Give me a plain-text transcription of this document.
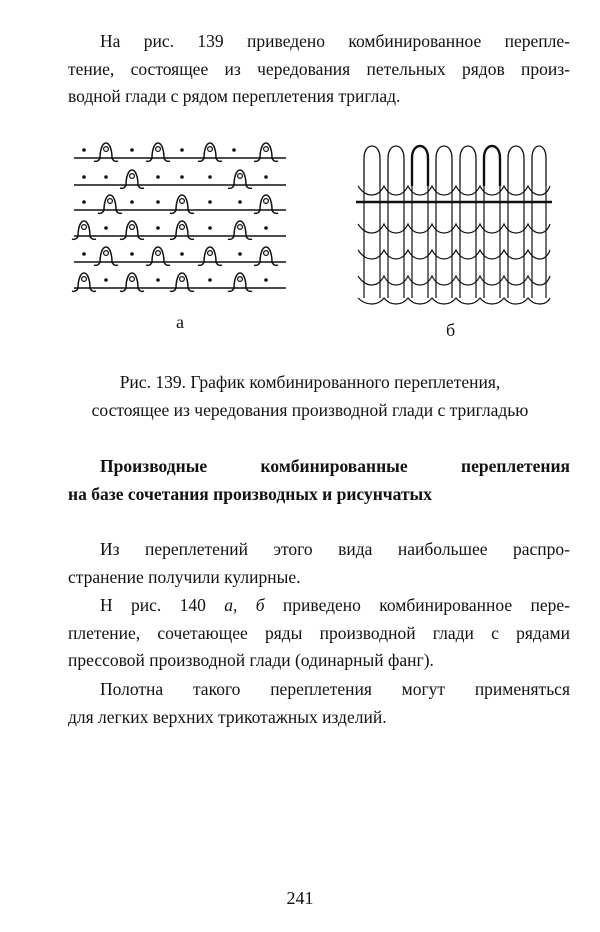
На рис. 139 приведено комбинированное перепле-
тение, состоящее из чередования петельных рядов произ-
водной глади с рядом переплетения триглад.
а	б
Рис. 139. График комбинированного переплетения,
состоящее из чередования производной глади с триглaдью
Производные комбинированные переплетения
на базе сочетания производных и рисунчатых
Из переплетений этого вида наибольшее распро-
странение получили кулирные.
Н рис. 140 а, б приведено комбинированное пере-
плетение, сочетающее ряды производной глади с рядами
прессовой производной глади (одинарный фанг).
Полотна такого переплетения могут применяться
для легких верхних трикотажных изделий.
241
